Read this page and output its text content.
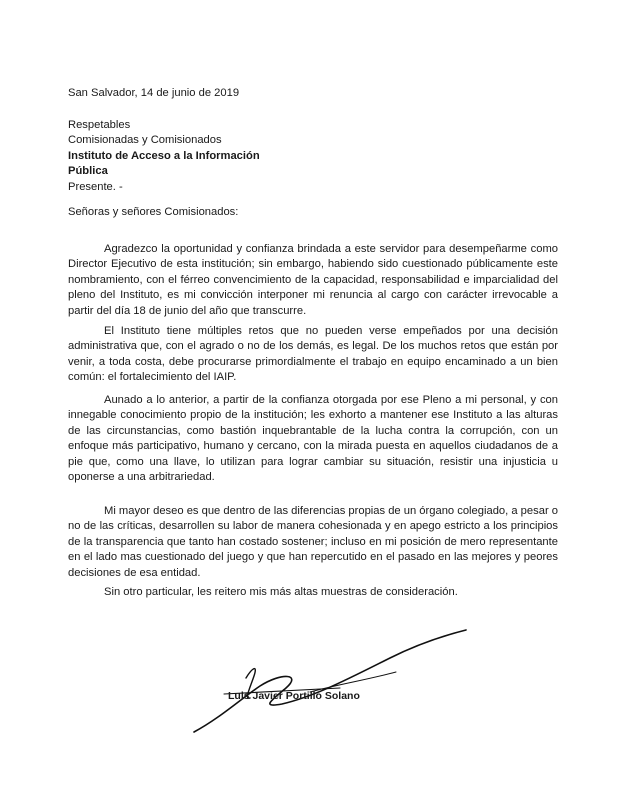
San Salvador, 14 de junio de 2019
Respetables
Comisionadas y Comisionados
Instituto de Acceso a la Información
Pública
Presente. -
Señoras y señores Comisionados:
Agradezco la oportunidad y confianza brindada a este servidor para desempeñarme como Director Ejecutivo de esta institución; sin embargo, habiendo sido cuestionado públicamente este nombramiento, con el férreo convencimiento de la capacidad, responsabilidad e imparcialidad del pleno del Instituto, es mi convicción interponer mi renuncia al cargo con carácter irrevocable a partir del día 18 de junio del año que transcurre.
El Instituto tiene múltiples retos que no pueden verse empeñados por una decisión administrativa que, con el agrado o no de los demás, es legal. De los muchos retos que están por venir, a toda costa, debe procurarse primordialmente el trabajo en equipo encaminado a un bien común: el fortalecimiento del IAIP.
Aunado a lo anterior, a partir de la confianza otorgada por ese Pleno a mi personal, y con innegable conocimiento propio de la institución; les exhorto a mantener ese Instituto a las alturas de las circunstancias, como bastión inquebrantable de la lucha contra la corrupción, con un enfoque más participativo, humano y cercano, con la mirada puesta en aquellos ciudadanos de a pie que, como una llave, lo utilizan para lograr cambiar su situación, resistir una injusticia u oponerse a una arbitrariedad.
Mi mayor deseo es que dentro de las diferencias propias de un órgano colegiado, a pesar o no de las críticas, desarrollen su labor de manera cohesionada y en apego estricto a los principios de la transparencia que tanto han costado sostener; incluso en mi posición de mero representante en el lado mas cuestionado del juego y que han repercutido en el pasado en las mejores y peores decisiones de esa entidad.
Sin otro particular, les reitero mis más altas muestras de consideración.
Luis Javier Portillo Solano
